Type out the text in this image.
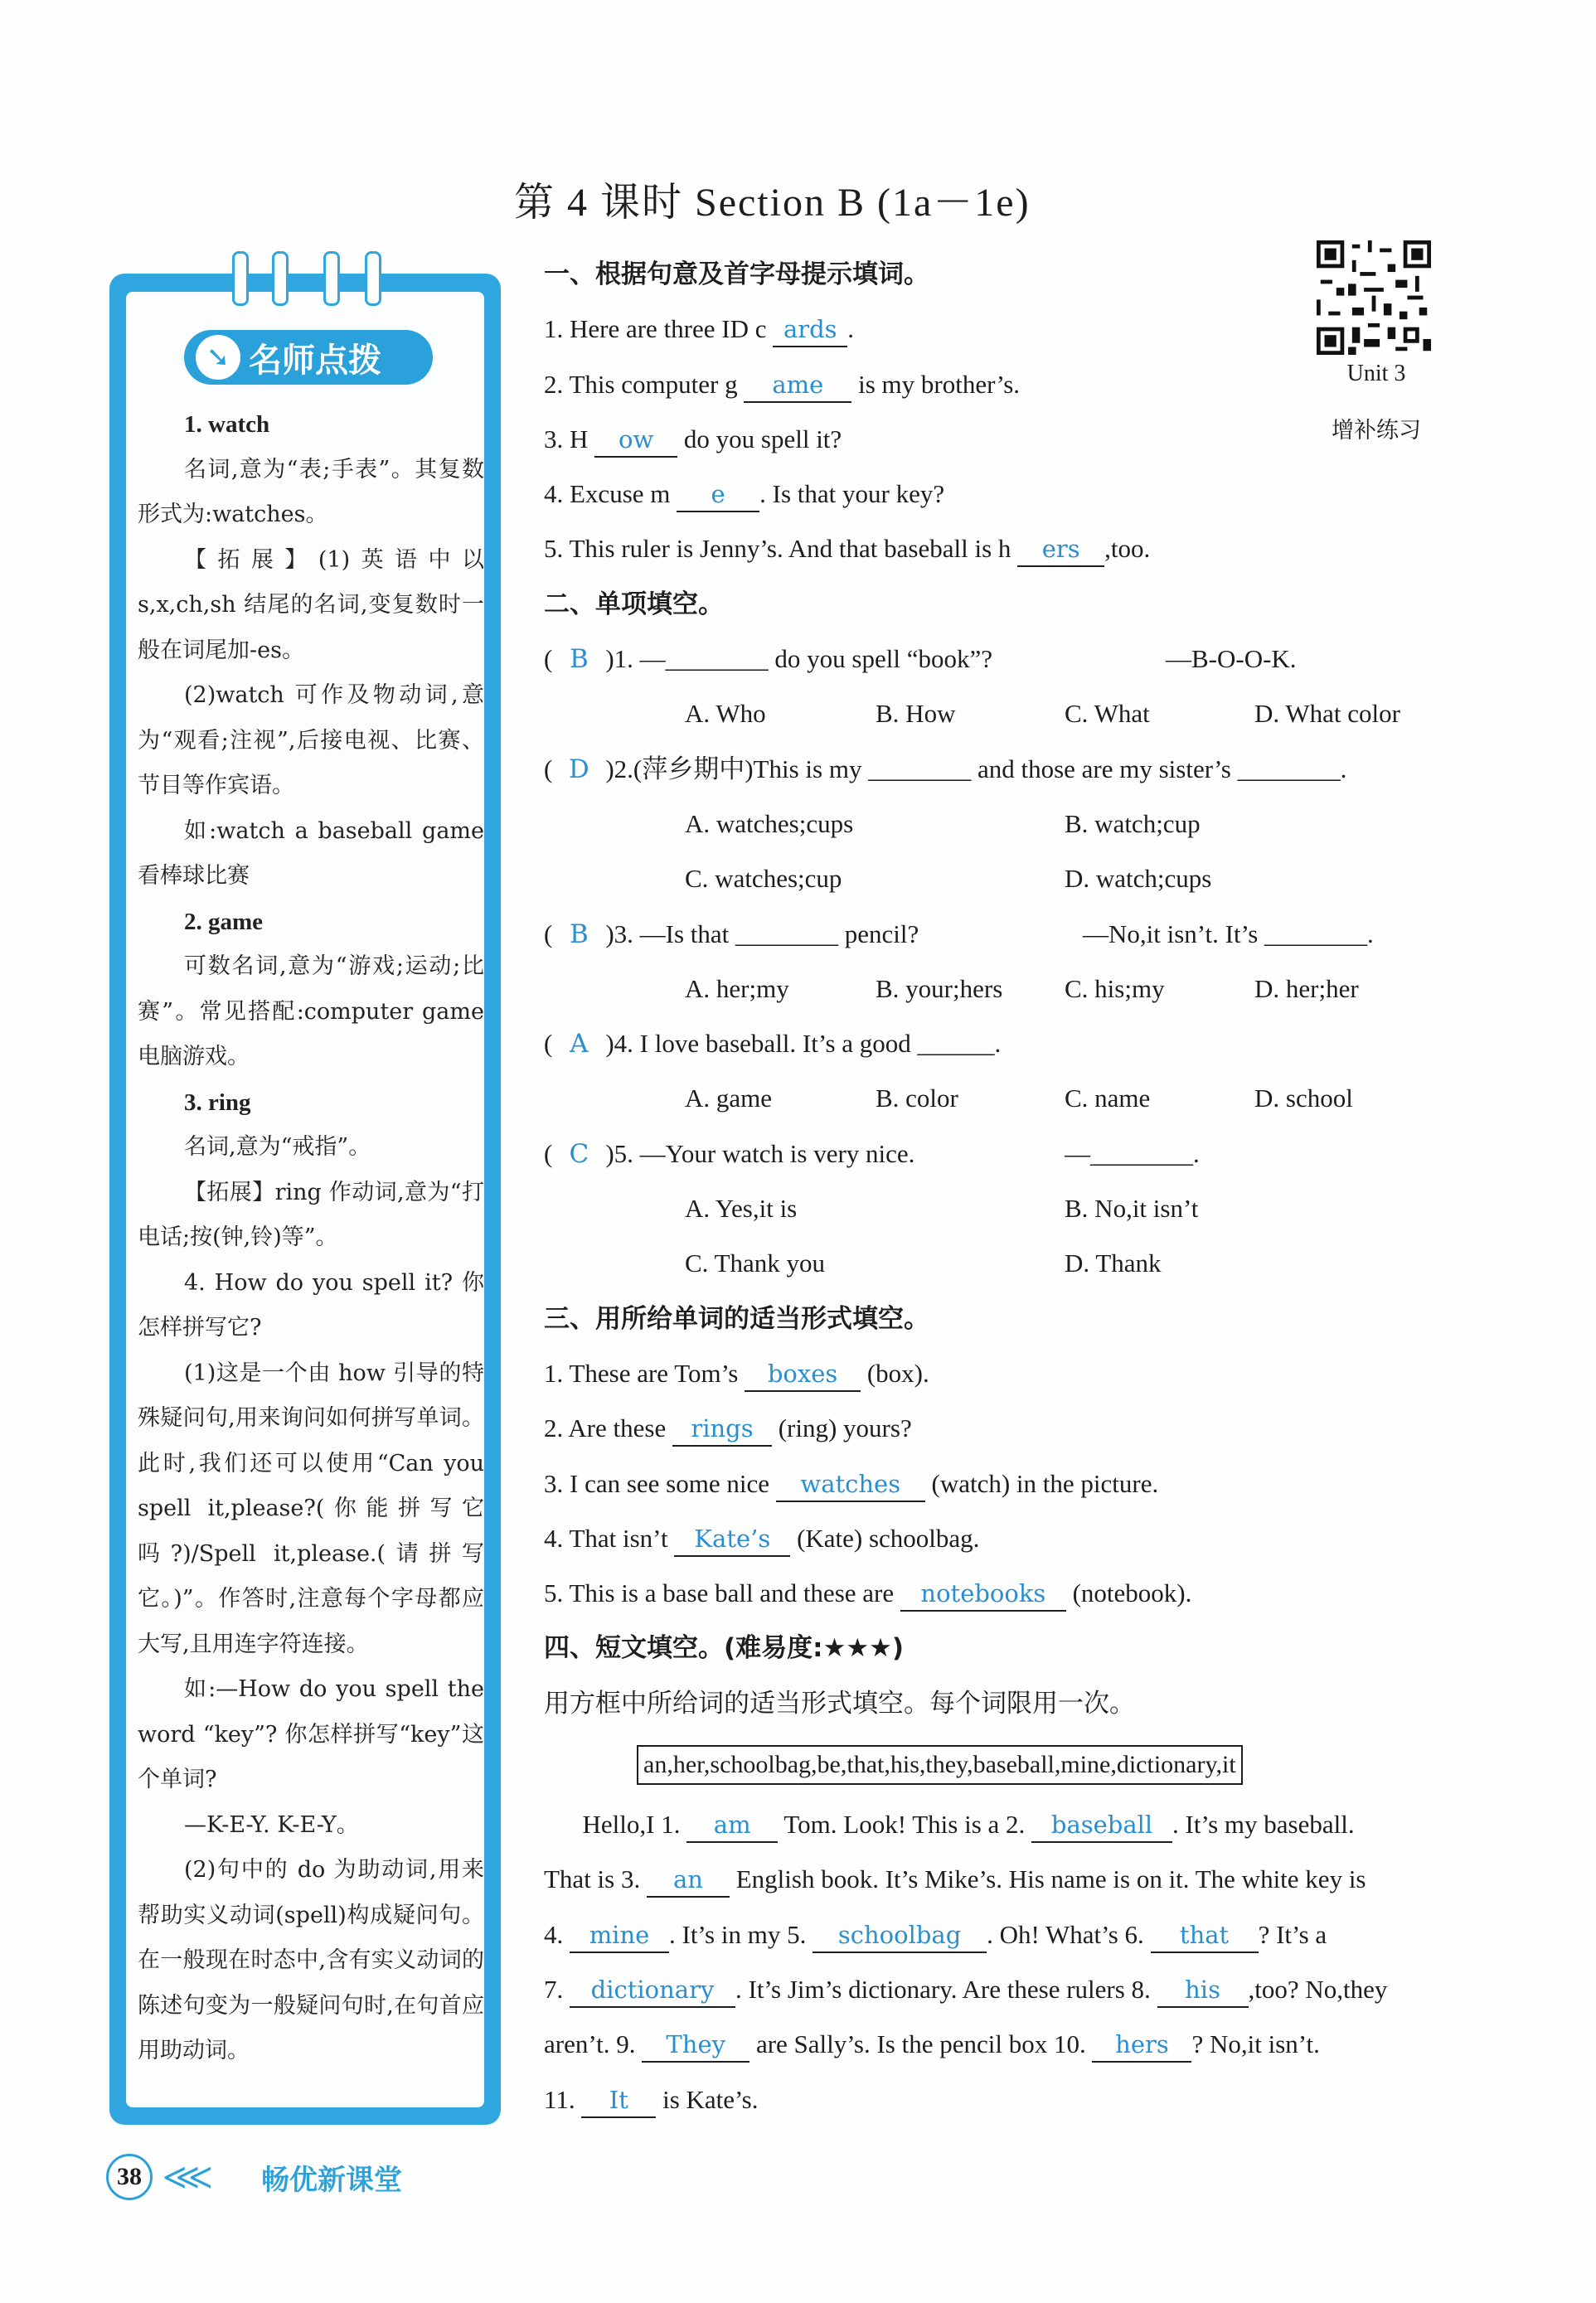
第 4 课时 Section B (1a－1e)
➘ 名师点拨

1. watch

名词,意为“表;手表”。其复数形式为:watches。

【拓展】(1)英语中以 s,x,ch,sh 结尾的名词,变复数时一般在词尾加-es。

(2)watch 可作及物动词,意为“观看;注视”,后接电视、比赛、节目等作宾语。

如:watch a baseball game 看棒球比赛

2. game

可数名词,意为“游戏;运动;比赛”。常见搭配:computer game 电脑游戏。

3. ring

名词,意为“戒指”。

【拓展】ring 作动词,意为“打电话;按(钟,铃)等”。

4. How do you spell it? 你怎样拼写它?

(1)这是一个由 how 引导的特殊疑问句,用来询问如何拼写单词。此时,我们还可以使用“Can you spell it,please?(你能拼写它吗?)/Spell it,please.(请拼写它。)”。作答时,注意每个字母都应大写,且用连字符连接。

如:—How do you spell the word “key”? 你怎样拼写“key”这个单词?

—K-E-Y. K-E-Y。

(2)句中的 do 为助动词,用来帮助实义动词(spell)构成疑问句。在一般现在时态中,含有实义动词的陈述句变为一般疑问句时,在句首应用助动词。

38 <<< 畅优新课堂
Unit 3
增补练习
一、根据句意及首字母提示填词。
1. Here are three ID c ards .
2. This computer g ame is my brother’s.
3. H ow do you spell it?
4. Excuse m e . Is that your key?
5. This ruler is Jenny’s. And that baseball is h ers ,too.
二、单项填空。
( B )1. —________ do you spell “book”?	—B-O-O-K.
A. Who	B. How	C. What	D. What color
( D )2.(萍乡期中)This is my ________ and those are my sister’s ________.
A. watches;cups	B. watch;cup
C. watches;cup	D. watch;cups
( B )3. —Is that ________ pencil?	—No,it isn’t. It’s ________.
A. her;my	B. your;hers C. his;my	D. her;her
( A )4. I love baseball. It’s a good ______.
A. game	B. color	C. name	D. school
( C )5. —Your watch is very nice.	—________.
A. Yes,it is	B. No,it isn’t
C. Thank you	D. Thank
三、用所给单词的适当形式填空。
1. These are Tom’s boxes (box).
2. Are these rings (ring) yours?
3. I can see some nice watches (watch) in the picture.
4. That isn’t Kate’s (Kate) schoolbag.
5. This is a base ball and these are notebooks (notebook).
四、短文填空。(难易度:★★★)
用方框中所给词的适当形式填空。每个词限用一次。
an,her,schoolbag,be,that,his,they,baseball,mine,dictionary,it
Hello,I 1. am Tom. Look! This is a 2. baseball . It’s my baseball.
That is 3. an English book. It’s Mike’s. His name is on it. The white key is
4. mine . It’s in my 5. schoolbag . Oh! What’s 6. that ? It’s a
7. dictionary . It’s Jim’s dictionary. Are these rulers 8. his ,too? No,they
aren’t. 9. They are Sally’s. Is the pencil box 10. hers ? No,it isn’t.
11. It is Kate’s.
